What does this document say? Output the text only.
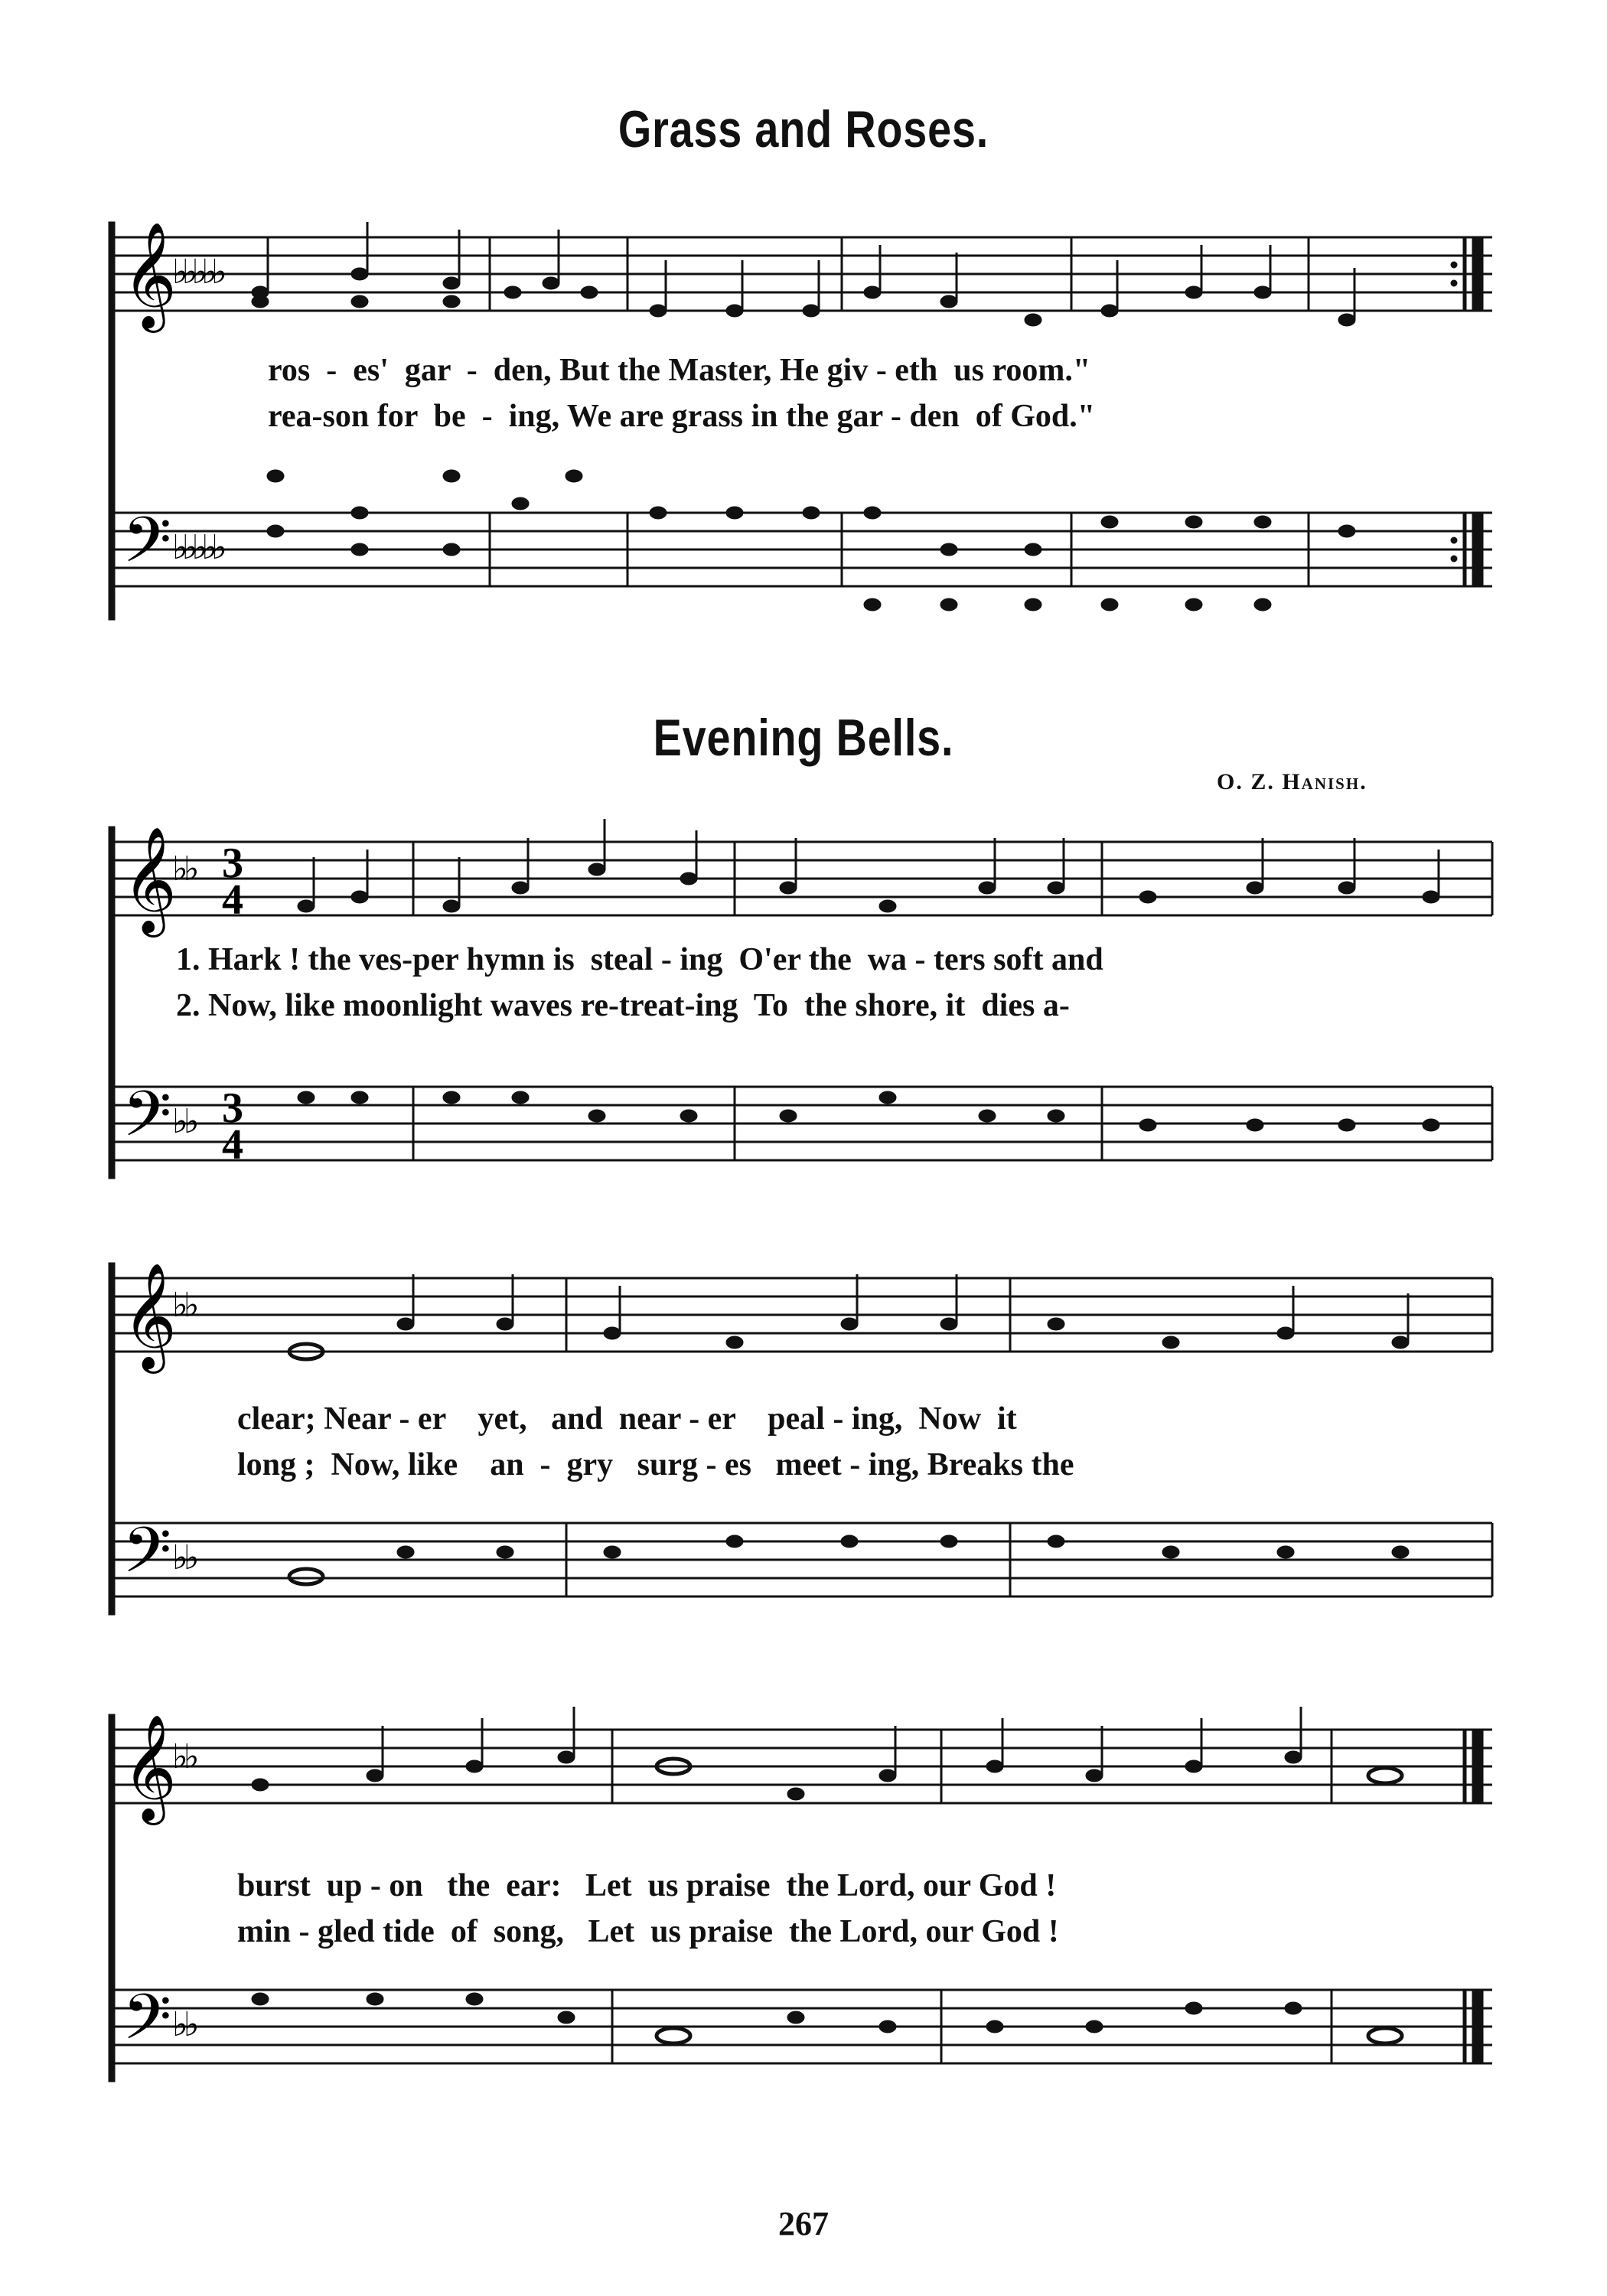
Grass and Roses.
𝄞
𝄢
♭♭♭♭♭
♭♭♭♭♭
ros  -  es'  gar  -  den, But the Master, He giv - eth  us room."
rea-son for  be  -  ing, We are grass in the gar - den  of God."
Evening Bells.
O. Z. Hanish.
𝄞
𝄢
♭♭
♭♭
3
4
3
4
1. Hark ! the ves-per hymn is  steal - ing  O'er the  wa - ters soft and
2. Now, like moonlight waves re-treat-ing  To  the shore, it  dies a-
𝄞
𝄢
♭♭
♭♭
clear; Near - er    yet,   and  near - er    peal - ing,  Now  it
long ;  Now, like    an  -  gry   surg - es   meet - ing, Breaks the
𝄞
𝄢
♭♭
♭♭
burst  up - on   the  ear:   Let  us praise  the Lord, our God !
min - gled tide  of  song,   Let  us praise  the Lord, our God !
267
